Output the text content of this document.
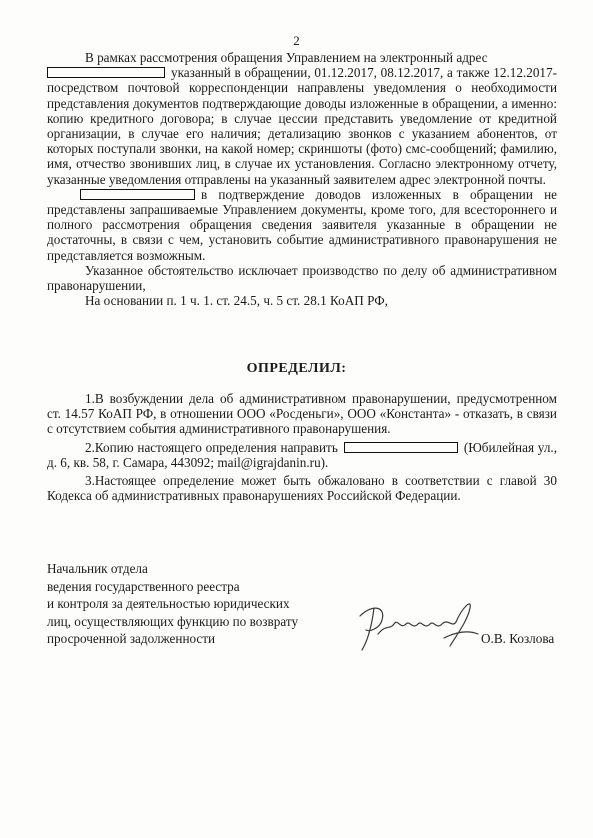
2

В рамках рассмотрения обращения Управлением на электронный адрес

указанный в обращении, 01.12.2017, 08.12.2017, а также 12.12.2017-посредством почтовой корреспонденции направлены уведомления о необходимости представления документов подтверждающие доводы изложенные в обращении, а именно: копию кредитного договора; в случае цессии представить уведомление от кредитной организации, в случае его наличия; детализацию звонков с указанием абонентов, от которых поступали звонки, на какой номер; скриншоты (фото) смс-сообщений; фамилию, имя, отчество звонивших лиц, в случае их установления. Согласно электронному отчету, указанные уведомления отправлены на указанный заявителем адрес электронной почты.

в подтверждение доводов изложенных в обращении не представлены запрашиваемые Управлением документы, кроме того, для всестороннего и полного рассмотрения обращения сведения заявителя указанные в обращении не достаточны, в связи с чем, установить событие административного правонарушения не представляется возможным.

Указанное обстоятельство исключает производство по делу об административном правонарушении,

На основании п. 1 ч. 1. ст. 24.5, ч. 5 ст. 28.1 КоАП РФ,

ОПРЕДЕЛИЛ:

1.В возбуждении дела об административном правонарушении, предусмотренном ст. 14.57 КоАП РФ, в отношении ООО «Росденьги», ООО «Константа» - отказать, в связи с отсутствием события административного правонарушения.

2.Копию настоящего определения направить	(Юбилейная ул., д. 6, кв. 58, г. Самара, 443092; mail@igrajdanin.ru).

3.Настоящее определение может быть обжаловано в соответствии с главой 30 Кодекса об административных правонарушениях Российской Федерации.

Начальник отдела
ведения государственного реестра
и контроля за деятельностью юридических
лиц, осуществляющих функцию по возврату
просроченной задолженности	О.В. Козлова
